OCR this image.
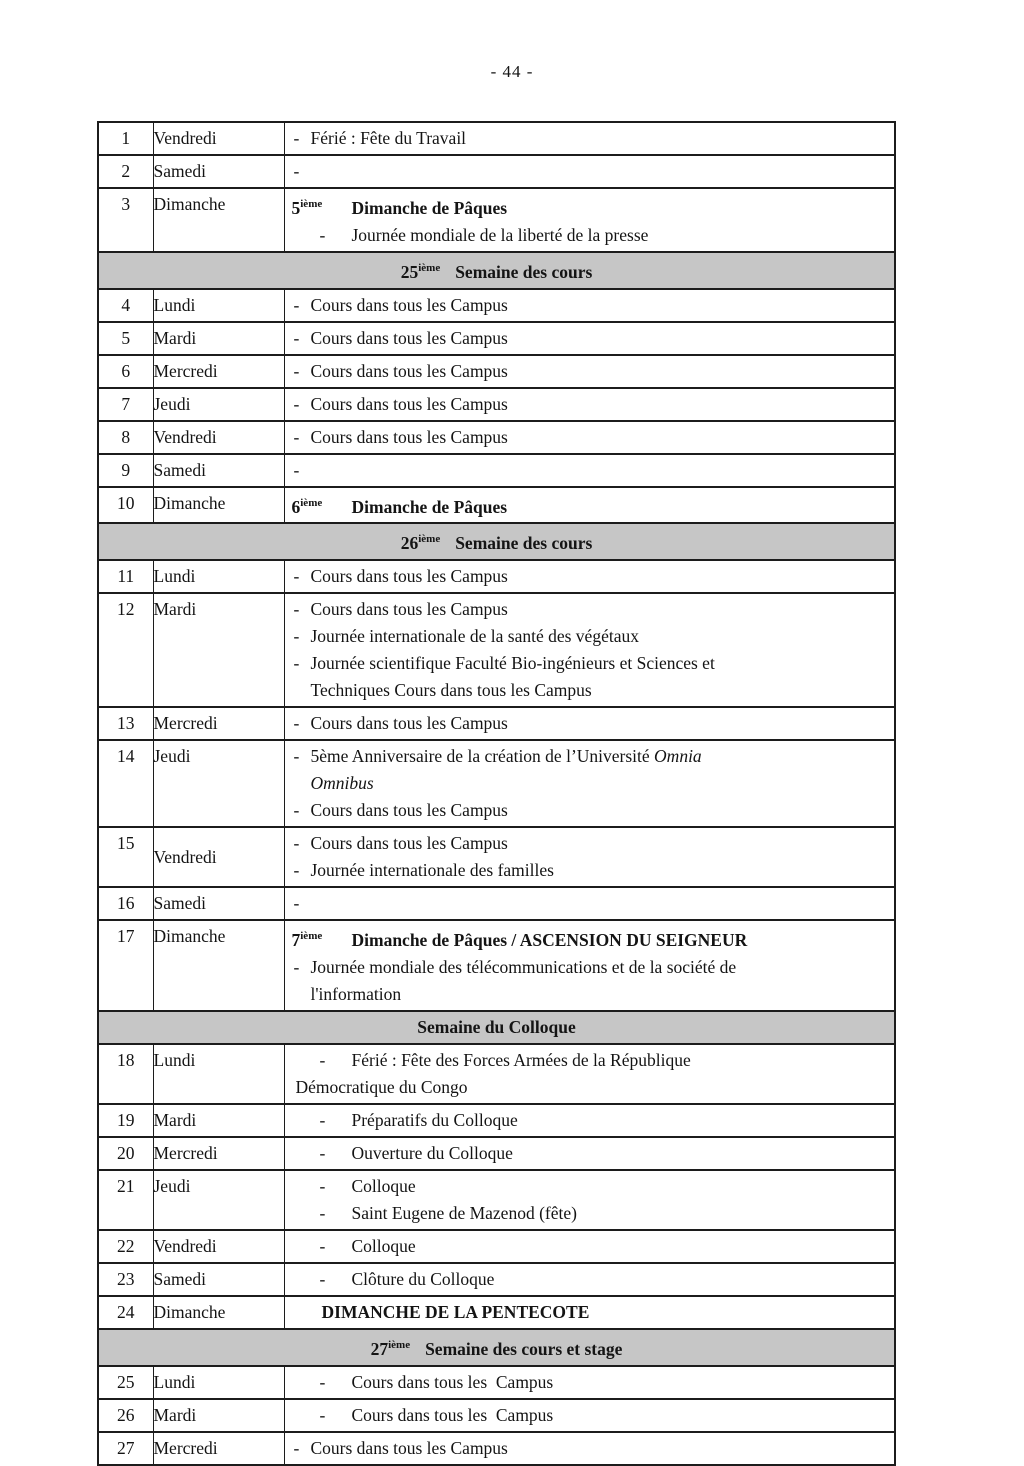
- 44 -
1	Vendredi	- Férié : Fête du Travail

2	Samedi	-

3	Dimanche	5ième Dimanche de Pâques
- Journée mondiale de la liberté de la presse

25ième Semaine des cours		
4	Lundi	- Cours dans tous les Campus

5	Mardi	- Cours dans tous les Campus

6	Mercredi	- Cours dans tous les Campus

7	Jeudi	- Cours dans tous les Campus

8	Vendredi	- Cours dans tous les Campus

9	Samedi	-

10	Dimanche	6ième Dimanche de Pâques

26ième Semaine des cours		
11	Lundi	- Cours dans tous les Campus

12	Mardi	- Cours dans tous les Campus
- Journée internationale de la santé des végétaux
- Journée scientifique Faculté Bio-ingénieurs et Sciences et
Techniques Cours dans tous les Campus

13	Mercredi	- Cours dans tous les Campus

14	Jeudi	- 5ème Anniversaire de la création de l’Université Omnia
Omnibus
- Cours dans tous les Campus

15	Vendredi	- Cours dans tous les Campus
- Journée internationale des familles

16	Samedi	-

17	Dimanche	7ième Dimanche de Pâques / ASCENSION DU SEIGNEUR
- Journée mondiale des télécommunications et de la société de
l'information

Semaine du Colloque		
18	Lundi	- Férié : Fête des Forces Armées de la République
Démocratique du Congo

19	Mardi	- Préparatifs du Colloque

20	Mercredi	- Ouverture du Colloque

21	Jeudi	- Colloque
- Saint Eugene de Mazenod (fête)

22	Vendredi	- Colloque

23	Samedi	- Clôture du Colloque

24	Dimanche	DIMANCHE DE LA PENTECOTE

27ième Semaine des cours et stage		
25	Lundi	- Cours dans tous les  Campus

26	Mardi	- Cours dans tous les  Campus

27	Mercredi	- Cours dans tous les Campus
